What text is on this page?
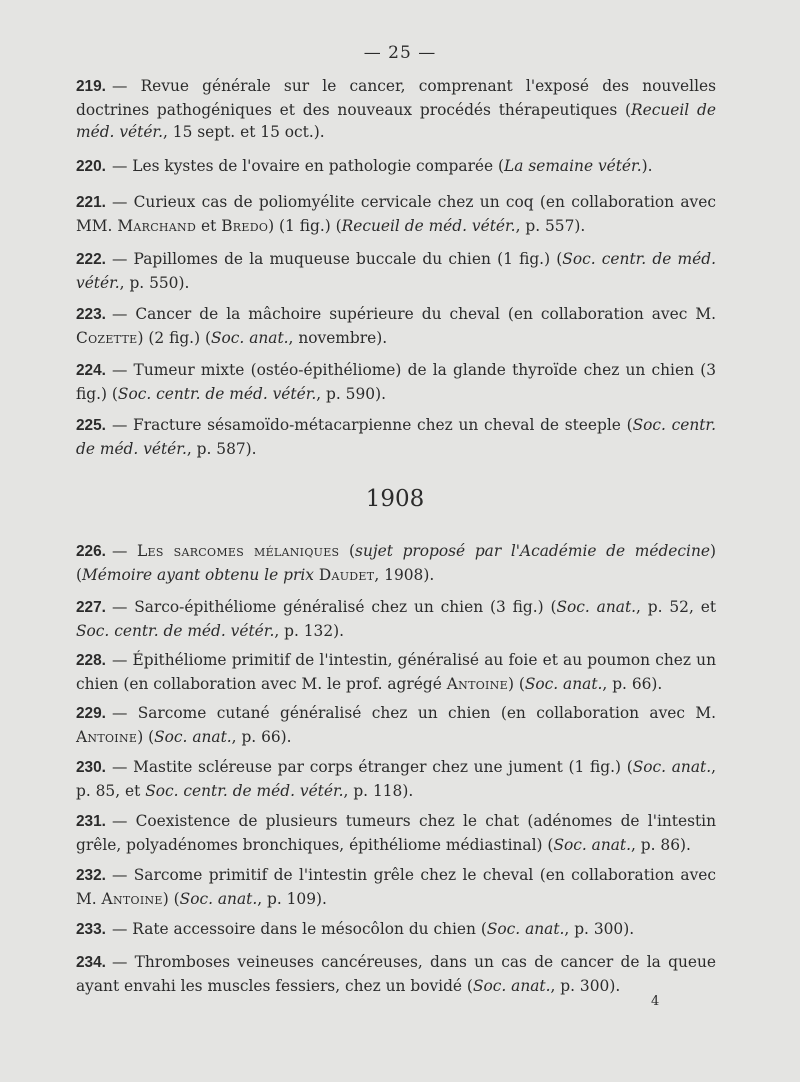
— 25 —
219. — Revue générale sur le cancer, comprenant l'exposé des nouvelles doctrines pathogéniques et des nouveaux procédés thérapeutiques (Recueil de méd. vétér., 15 sept. et 15 oct.).
220. — Les kystes de l'ovaire en pathologie comparée (La semaine vétér.).
221. — Curieux cas de poliomyélite cervicale chez un coq (en collaboration avec MM. Marchand et Bredo) (1 fig.) (Recueil de méd. vétér., p. 557).
222. — Papillomes de la muqueuse buccale du chien (1 fig.) (Soc. centr. de méd. vétér., p. 550).
223. — Cancer de la mâchoire supérieure du cheval (en collaboration avec M. Cozette) (2 fig.) (Soc. anat., novembre).
224. — Tumeur mixte (ostéo-épithéliome) de la glande thyroïde chez un chien (3 fig.) (Soc. centr. de méd. vétér., p. 590).
225. — Fracture sésamoïdo-métacarpienne chez un cheval de steeple (Soc. centr. de méd. vétér., p. 587).
1908
226. — Les sarcomes mélaniques (sujet proposé par l'Académie de médecine) (Mémoire ayant obtenu le prix Daudet, 1908).
227. — Sarco-épithéliome généralisé chez un chien (3 fig.) (Soc. anat., p. 52, et Soc. centr. de méd. vétér., p. 132).
228. — Épithéliome primitif de l'intestin, généralisé au foie et au poumon chez un chien (en collaboration avec M. le prof. agrégé Antoine) (Soc. anat., p. 66).
229. — Sarcome cutané généralisé chez un chien (en collaboration avec M. Antoine) (Soc. anat., p. 66).
230. — Mastite scléreuse par corps étranger chez une jument (1 fig.) (Soc. anat., p. 85, et Soc. centr. de méd. vétér., p. 118).
231. — Coexistence de plusieurs tumeurs chez le chat (adénomes de l'intestin grêle, polyadénomes bronchiques, épithéliome médiastinal) (Soc. anat., p. 86).
232. — Sarcome primitif de l'intestin grêle chez le cheval (en collaboration avec M. Antoine) (Soc. anat., p. 109).
233. — Rate accessoire dans le mésocôlon du chien (Soc. anat., p. 300).
234. — Thromboses veineuses cancéreuses, dans un cas de cancer de la queue ayant envahi les muscles fessiers, chez un bovidé (Soc. anat., p. 300).
4
